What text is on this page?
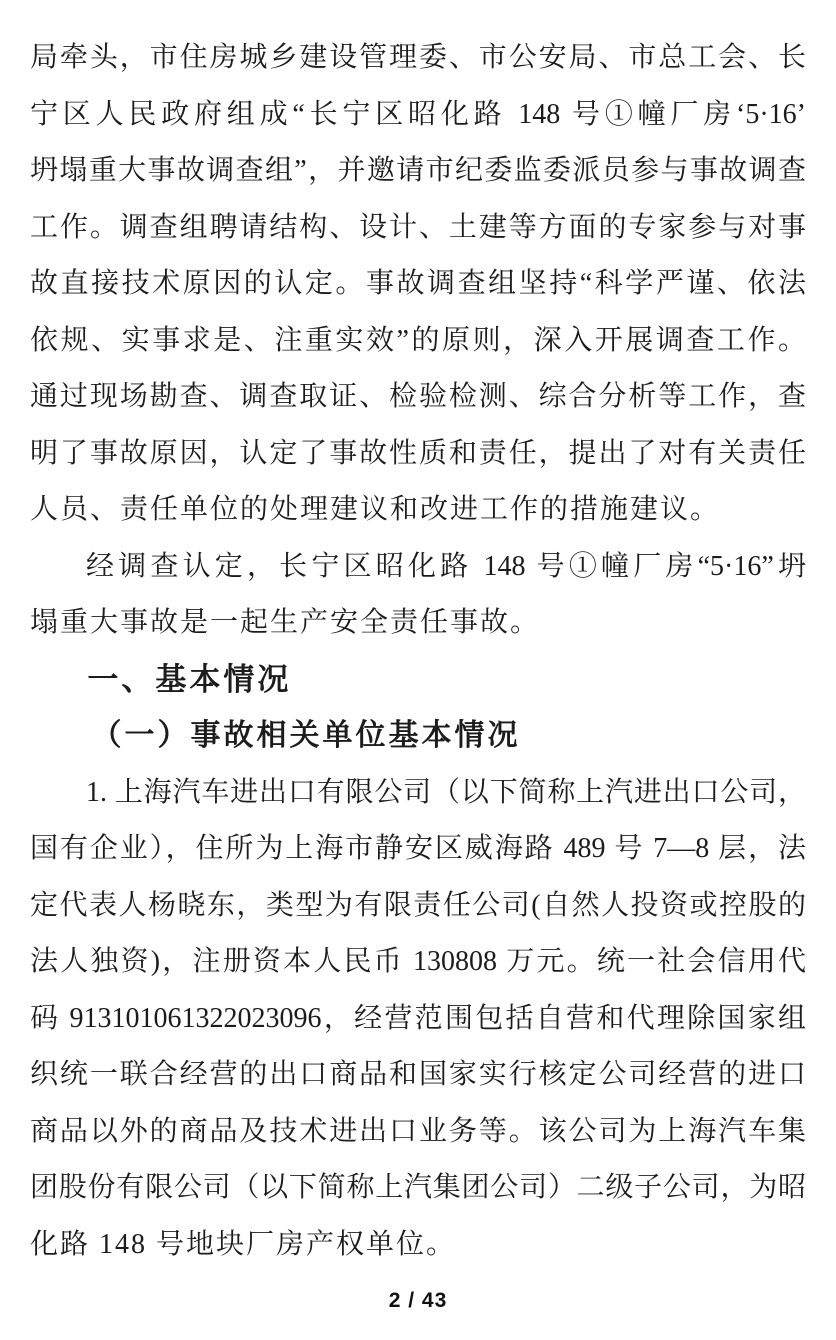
局牵头，市住房城乡建设管理委、市公安局、市总工会、长
宁区人民政府组成“长宁区昭化路 148 号①幢厂房‘5·16’
坍塌重大事故调查组”，并邀请市纪委监委派员参与事故调查
工作。调查组聘请结构、设计、土建等方面的专家参与对事
故直接技术原因的认定。事故调查组坚持“科学严谨、依法
依规、实事求是、注重实效”的原则，深入开展调查工作。
通过现场勘查、调查取证、检验检测、综合分析等工作，查
明了事故原因，认定了事故性质和责任，提出了对有关责任
人员、责任单位的处理建议和改进工作的措施建议。
经调查认定，长宁区昭化路 148 号①幢厂房“5·16”坍
塌重大事故是一起生产安全责任事故。
一、基本情况
（一）事故相关单位基本情况
1. 上海汽车进出口有限公司（以下简称上汽进出口公司，
国有企业），住所为上海市静安区威海路 489 号 7—8 层，法
定代表人杨晓东，类型为有限责任公司(自然人投资或控股的
法人独资)，注册资本人民币 130808 万元。统一社会信用代
码 913101061322023096，经营范围包括自营和代理除国家组
织统一联合经营的出口商品和国家实行核定公司经营的进口
商品以外的商品及技术进出口业务等。该公司为上海汽车集
团股份有限公司（以下简称上汽集团公司）二级子公司，为昭
化路 148 号地块厂房产权单位。
2 / 43
